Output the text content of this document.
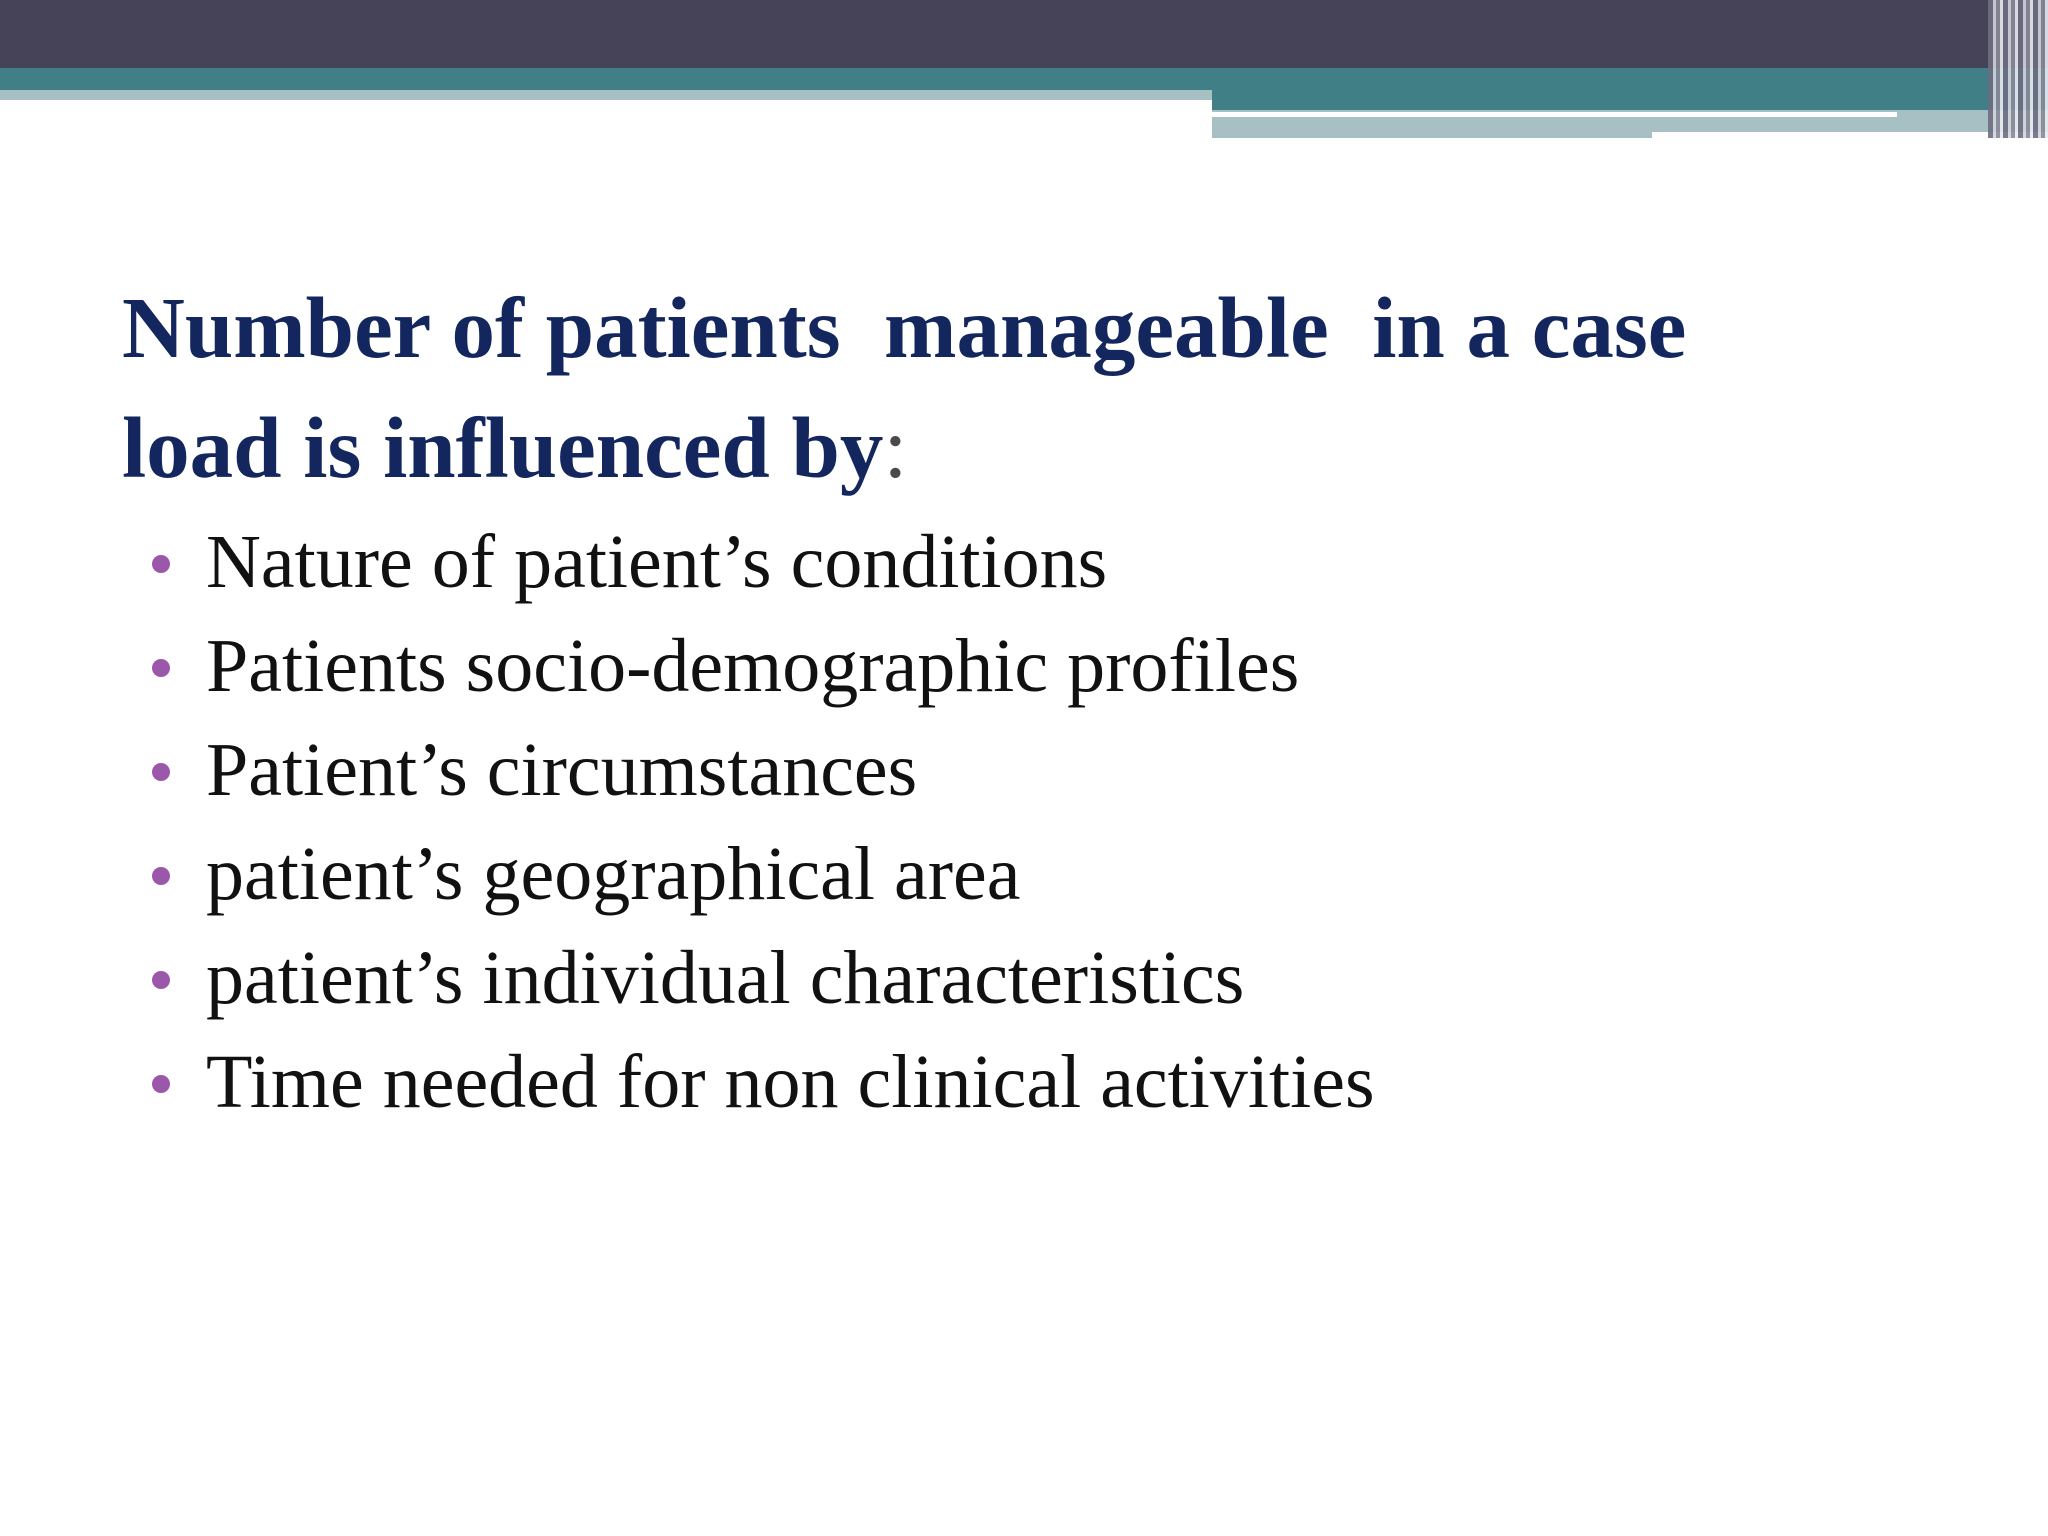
Number of patients  manageable  in a case
load is influenced by:
Nature of patient’s conditions
Patients socio-demographic profiles
Patient’s circumstances
patient’s geographical area
patient’s individual characteristics
Time needed for non clinical activities
